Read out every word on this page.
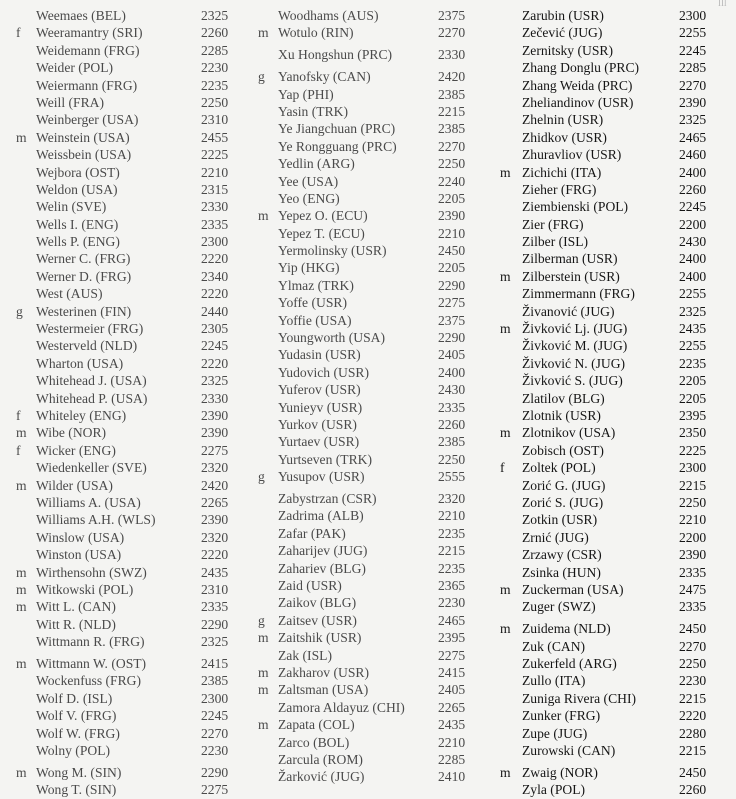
IIl
Weemaes (BEL)	2325
f	Weeramantry (SRI)	2260
Weidemann (FRG)	2285
Weider (POL)	2230
Weiermann (FRG)	2235
Weill (FRA)	2250
Weinberger (USA)	2310
m Weinstein (USA)	2455
Weissbein (USA)	2225
Wejbora (OST)	2210
Weldon (USA)	2315
Welin (SVE)	2330
Wells I. (ENG)	2335
Wells P. (ENG)	2300
Werner C. (FRG)	2220
Werner D. (FRG)	2340
West (AUS)	2220
g Westerinen (FIN)	2440
Westermeier (FRG)	2305
Westerveld (NLD)	2245
Wharton (USA)	2220
Whitehead J. (USA)	2325
Whitehead P. (USA)	2330
f	Whiteley (ENG)	2390
m Wibe (NOR)	2390
f	Wicker (ENG)	2275
Wiedenkeller (SVE)	2320
m Wilder (USA)	2420
Williams A. (USA)	2265
Williams A.H. (WLS)	2390
Winslow (USA)	2320
Winston (USA)	2220
m Wirthensohn (SWZ)	2435
m Witkowski (POL)	2310
m Witt L. (CAN)	2335
Witt R. (NLD)	2290
Wittmann R. (FRG)	2325
m Wittmann W. (OST)	2415
Wockenfuss (FRG)	2385
Wolf D. (ISL)	2300
Wolf V. (FRG)	2245
Wolf W. (FRG)	2270
Wolny (POL)	2230
m Wong M. (SIN)	2290
Wong T. (SIN)	2275
Woodhams (AUS)	2375
m Wotulo (RIN)	2270
Xu Hongshun (PRC)	2330
g Yanofsky (CAN)	2420
Yap (PHI)	2385
Yasin (TRK)	2215
Ye Jiangchuan (PRC)	2385
Ye Rongguang (PRC)	2270
Yedlin (ARG)	2250
Yee (USA)	2240
Yeo (ENG)	2205
m Yepez O. (ECU)	2390
Yepez T. (ECU)	2210
Yermolinsky (USR)	2450
Yip (HKG)	2205
Ylmaz (TRK)	2290
Yoffe (USR)	2275
Yoffie (USA)	2375
Youngworth (USA)	2290
Yudasin (USR)	2405
Yudovich (USR)	2400
Yuferov (USR)	2430
Yunieyv (USR)	2335
Yurkov (USR)	2260
Yurtaev (USR)	2385
Yurtseven (TRK)	2250
g Yusupov (USR)	2555
Zabystrzan (CSR)	2320
Zadrima (ALB)	2210
Zafar (PAK)	2235
Zaharijev (JUG)	2215
Zahariev (BLG)	2235
Zaid (USR)	2365
Zaikov (BLG)	2230
g Zaitsev (USR)	2465
m Zaitshik (USR)	2395
Zak (ISL)	2275
m Zakharov (USR)	2415
m Zaltsman (USA)	2405
Zamora Aldayuz (CHI) 2265
m Zapata (COL)	2435
Zarco (BOL)	2210
Zarcula (ROM)	2285
Žarković (JUG)	2410
Zarubin (USR)	2300
Zečević (JUG)	2255
Zernitsky (USR)	2245
Zhang Donglu (PRC)	2285
Zhang Weida (PRC)	2270
Zheliandinov (USR)	2390
Zhelnin (USR)	2325
Zhidkov (USR)	2465
Zhuravliov (USR)	2460
m Zichichi (ITA)	2400
Zieher (FRG)	2260
Ziembienski (POL)	2245
Zier (FRG)	2200
Zilber (ISL)	2430
Zilberman (USR)	2400
m Zilberstein (USR)	2400
Zimmermann (FRG)	2255
Živanović (JUG)	2325
m Živković Lj. (JUG)	2435
Živković M. (JUG)	2255
Živković N. (JUG)	2235
Živković S. (JUG)	2205
Zlatilov (BLG)	2205
Zlotnik (USR)	2395
m Zlotnikov (USA)	2350
Zobisch (OST)	2225
f	Zoltek (POL)	2300
Zorić G. (JUG)	2215
Zorić S. (JUG)	2250
Zotkin (USR)	2210
Zrnić (JUG)	2200
Zrzawy (CSR)	2390
Zsinka (HUN)	2335
m Zuckerman (USA)	2475
Zuger (SWZ)	2335
m Zuidema (NLD)	2450
Zuk (CAN)	2270
Zukerfeld (ARG)	2250
Zullo (ITA)	2230
Zuniga Rivera (CHI)	2215
Zunker (FRG)	2220
Zupe (JUG)	2280
Zurowski (CAN)	2215
m Zwaig (NOR)	2450
Zyla (POL)	2260
